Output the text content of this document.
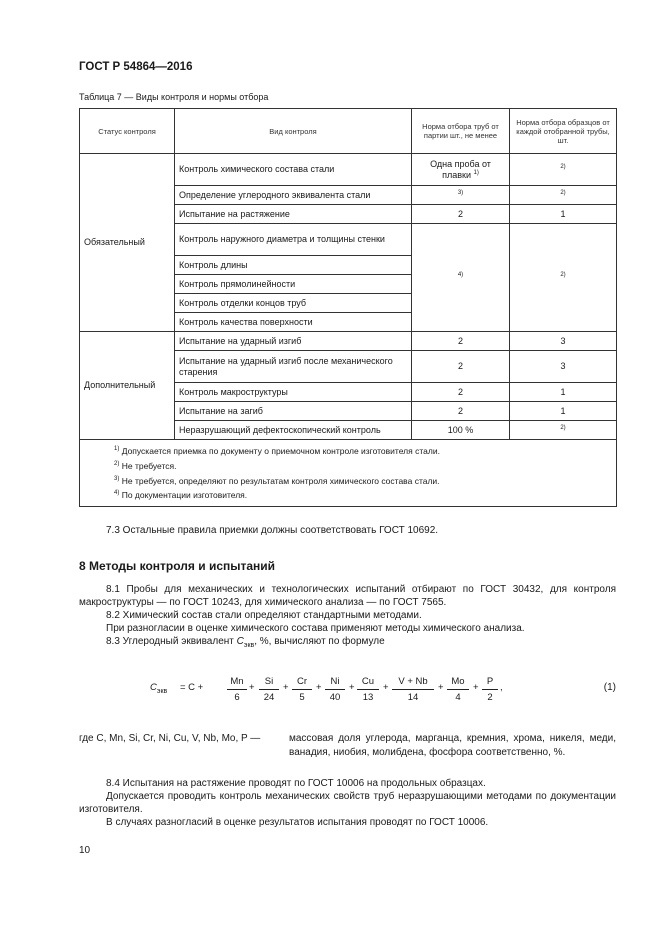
ГОСТ Р 54864—2016
Таблица 7 — Виды контроля и нормы отбора
Статус контроля	Вид контроля	Норма отбора труб от партии шт., не менее	Норма отбора образцов от каждой отобранной трубы, шт.
Обязательный	Контроль химического состава стали	Одна проба от плавки $^{1)}$	$^{2)}$
	Определение углеродного эквивалента стали	$^{3)}$	$^{2)}$
	Испытание на растяжение	2	1
	Контроль наружного диаметра и толщины стенки	$^{4)}$	$^{2)}$
	Контроль длины		
	Контроль прямолинейности		
	Контроль отделки концов труб		
	Контроль качества поверхности		
Дополнительный	Испытание на ударный изгиб	2	3
	Испытание на ударный изгиб после механического старения	2	3
	Контроль макроструктуры	2	1
	Испытание на загиб	2	1
	Неразрушающий дефектоскопический контроль	100 %	$^{2)}$

$^{1)}$ Допускается приемка по документу о приемочном контроле изготовителя стали.
$^{2)}$ Не требуется.
$^{3)}$ Не требуется, определяют по результатам контроля химического состава стали.
$^{4)}$ По документации изготовителя.			
7.3 Остальные правила приемки должны соответствовать ГОСТ 10692.
8 Методы контроля и испытаний
8.1 Пробы для механических и технологических испытаний отбирают по ГОСТ 30432, для контроля макроструктуры — по ГОСТ 10243, для химического анализа — по ГОСТ 7565.
8.2 Химический состав стали определяют стандартными методами.
При разногласии в оценке химического состава применяют методы химического анализа.
8.3 Углеродный эквивалент $C_{экв}$, %, вычисляют по формуле
$C_{экв} = C$ +	$\frac{Mn}{6} + \frac{Si}{24} + \frac{Cr}{5} + \frac{Ni}{40} + \frac{Cu}{13} + \frac{V + Nb}{14} + \frac{Mo}{4} + \frac{P}{2}$ ,	(1)
где C, Mn, Si, Cr, Ni, Cu, V, Nb, Mo, P —	массовая доля углерода, марганца, кремния, хрома, никеля, меди, ванадия, ниобия, молибдена, фосфора соответственно, %.
8.4 Испытания на растяжение проводят по ГОСТ 10006 на продольных образцах.
Допускается проводить контроль механических свойств труб неразрушающими методами по документации изготовителя.
В случаях разногласий в оценке результатов испытания проводят по ГОСТ 10006.
10
